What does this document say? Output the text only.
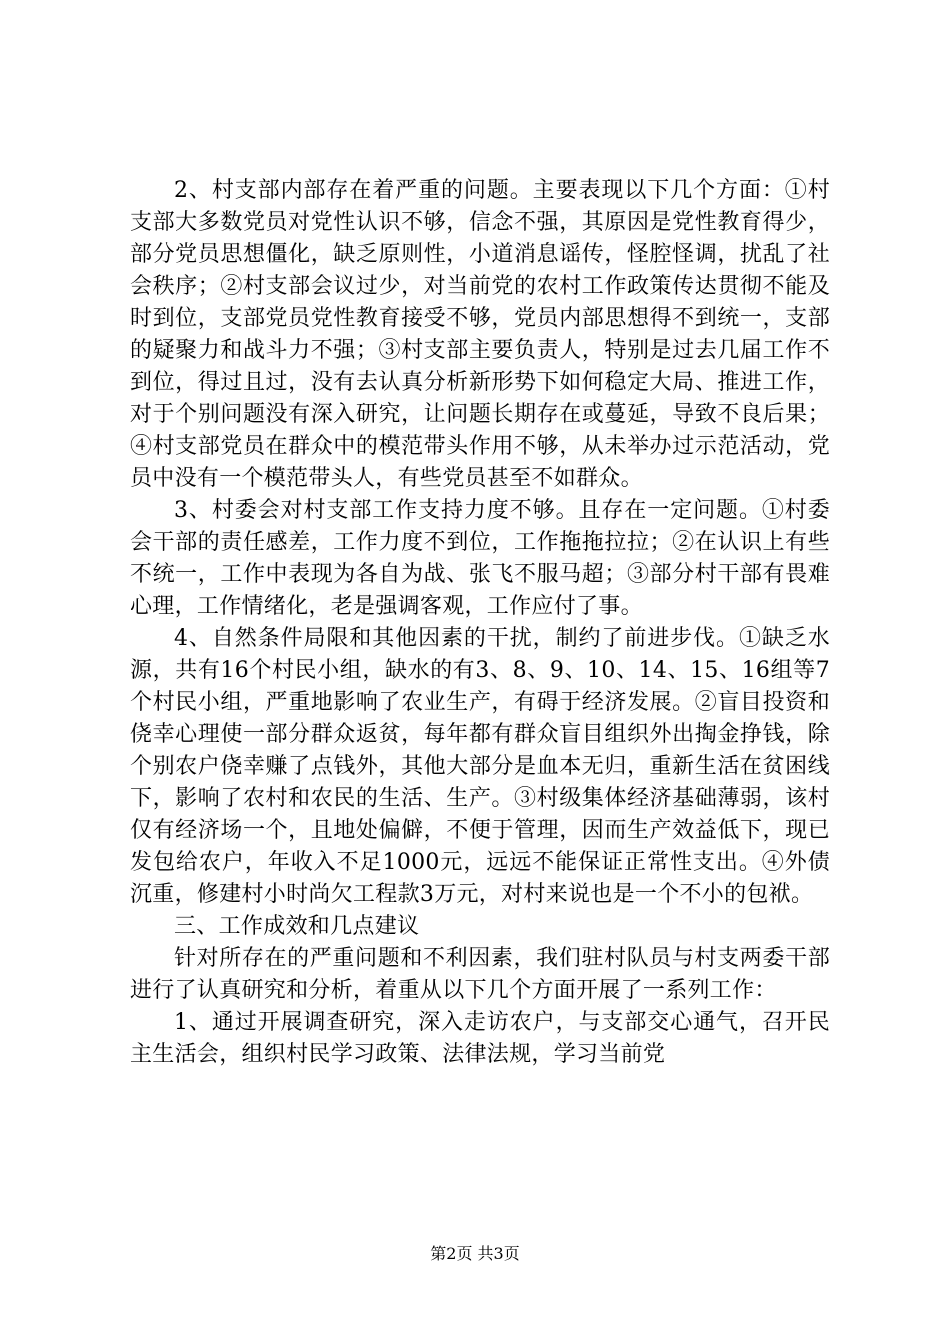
2、村支部内部存在着严重的问题。主要表现以下几个方面：①村支部大多数党员对党性认识不够，信念不强，其原因是党性教育得少，部分党员思想僵化，缺乏原则性，小道消息谣传，怪腔怪调，扰乱了社会秩序；②村支部会议过少，对当前党的农村工作政策传达贯彻不能及时到位，支部党员党性教育接受不够，党员内部思想得不到统一，支部的疑聚力和战斗力不强；③村支部主要负责人，特别是过去几届工作不到位，得过且过，没有去认真分析新形势下如何稳定大局、推进工作，对于个别问题没有深入研究，让问题长期存在或蔓延，导致不良后果；④村支部党员在群众中的模范带头作用不够，从未举办过示范活动，党员中没有一个模范带头人，有些党员甚至不如群众。

3、村委会对村支部工作支持力度不够。且存在一定问题。①村委会干部的责任感差，工作力度不到位，工作拖拖拉拉；②在认识上有些不统一，工作中表现为各自为战、张飞不服马超；③部分村干部有畏难心理，工作情绪化，老是强调客观，工作应付了事。

4、自然条件局限和其他因素的干扰，制约了前进步伐。①缺乏水源，共有16个村民小组，缺水的有3、8、9、10、14、15、16组等7个村民小组，严重地影响了农业生产，有碍于经济发展。②盲目投资和侥幸心理使一部分群众返贫，每年都有群众盲目组织外出掏金挣钱，除个别农户侥幸赚了点钱外，其他大部分是血本无归，重新生活在贫困线下，影响了农村和农民的生活、生产。③村级集体经济基础薄弱，该村仅有经济场一个，且地处偏僻，不便于管理，因而生产效益低下，现已发包给农户，年收入不足1000元，远远不能保证正常性支出。④外债沉重，修建村小时尚欠工程款3万元，对村来说也是一个不小的包袱。

三、工作成效和几点建议

针对所存在的严重问题和不利因素，我们驻村队员与村支两委干部进行了认真研究和分析，着重从以下几个方面开展了一系列工作：

1、通过开展调查研究，深入走访农户，与支部交心通气，召开民主生活会，组织村民学习政策、法律法规，学习当前党

第2页 共3页
